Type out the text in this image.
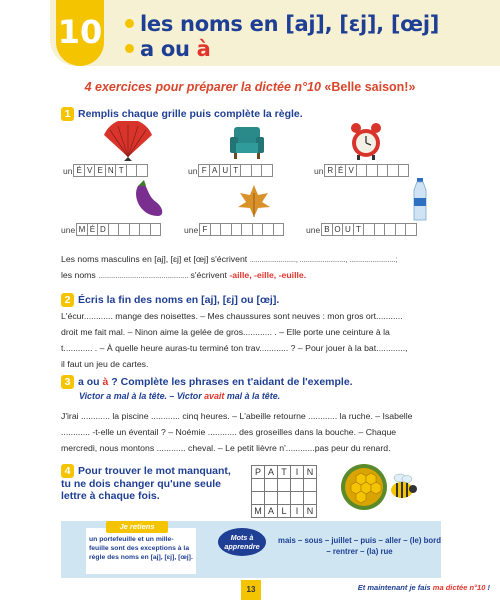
10	les noms en [aj], [ɛj], [œj]
a ou à
4 exercices pour préparer la dictée n°10 «Belle saison!»
1 Remplis chaque grille puis complète la règle.
un É V E N T	un F A U T	un R É V
une M É D	une F	une B O U T
Les noms masculins en [aj], [ɛj] et [œj] s'écrivent ........................, ........................, ........................;
les noms ............................................... s'écrivent -aille, -eille, -euille.
2 Écris la fin des noms en [aj], [ɛj] ou [œj].
L'écur............ mange des noisettes. – Mes chaussures sont neuves : mon gros ort...........
droit me fait mal. – Ninon aime la gelée de gros............ . – Elle porte une ceinture à la
t............ . – À quelle heure auras-tu terminé ton trav............ ? – Pour jouer à la bat............,
il faut un jeu de cartes.
3 a ou à ? Complète les phrases en t'aidant de l'exemple.
Victor a mal à la tête. – Victor avait mal à la tête.
J'irai ............ la piscine ............ cinq heures. – L'abeille retourne ............ la ruche. – Isabelle
............ -t-elle un éventail ? – Noémie ............ des groseilles dans la bouche. – Chaque
mercredi, nous montons ............ cheval. – Le petit lièvre n'............pas peur du renard.
4 Pour trouver le mot manquant, tu ne dois changer qu'une seule lettre à chaque fois.
P A T I N
M A L	I N
un portefeuille et un mille-feuille sont des exceptions à la règle des noms en [aj], [ɛj], [œj].
Je retiens
Mots à apprendre
mais – sous – juillet – puis – aller – (le) bord – rentrer – (la) rue
13	Et maintenant je fais ma dictée n°10 !
